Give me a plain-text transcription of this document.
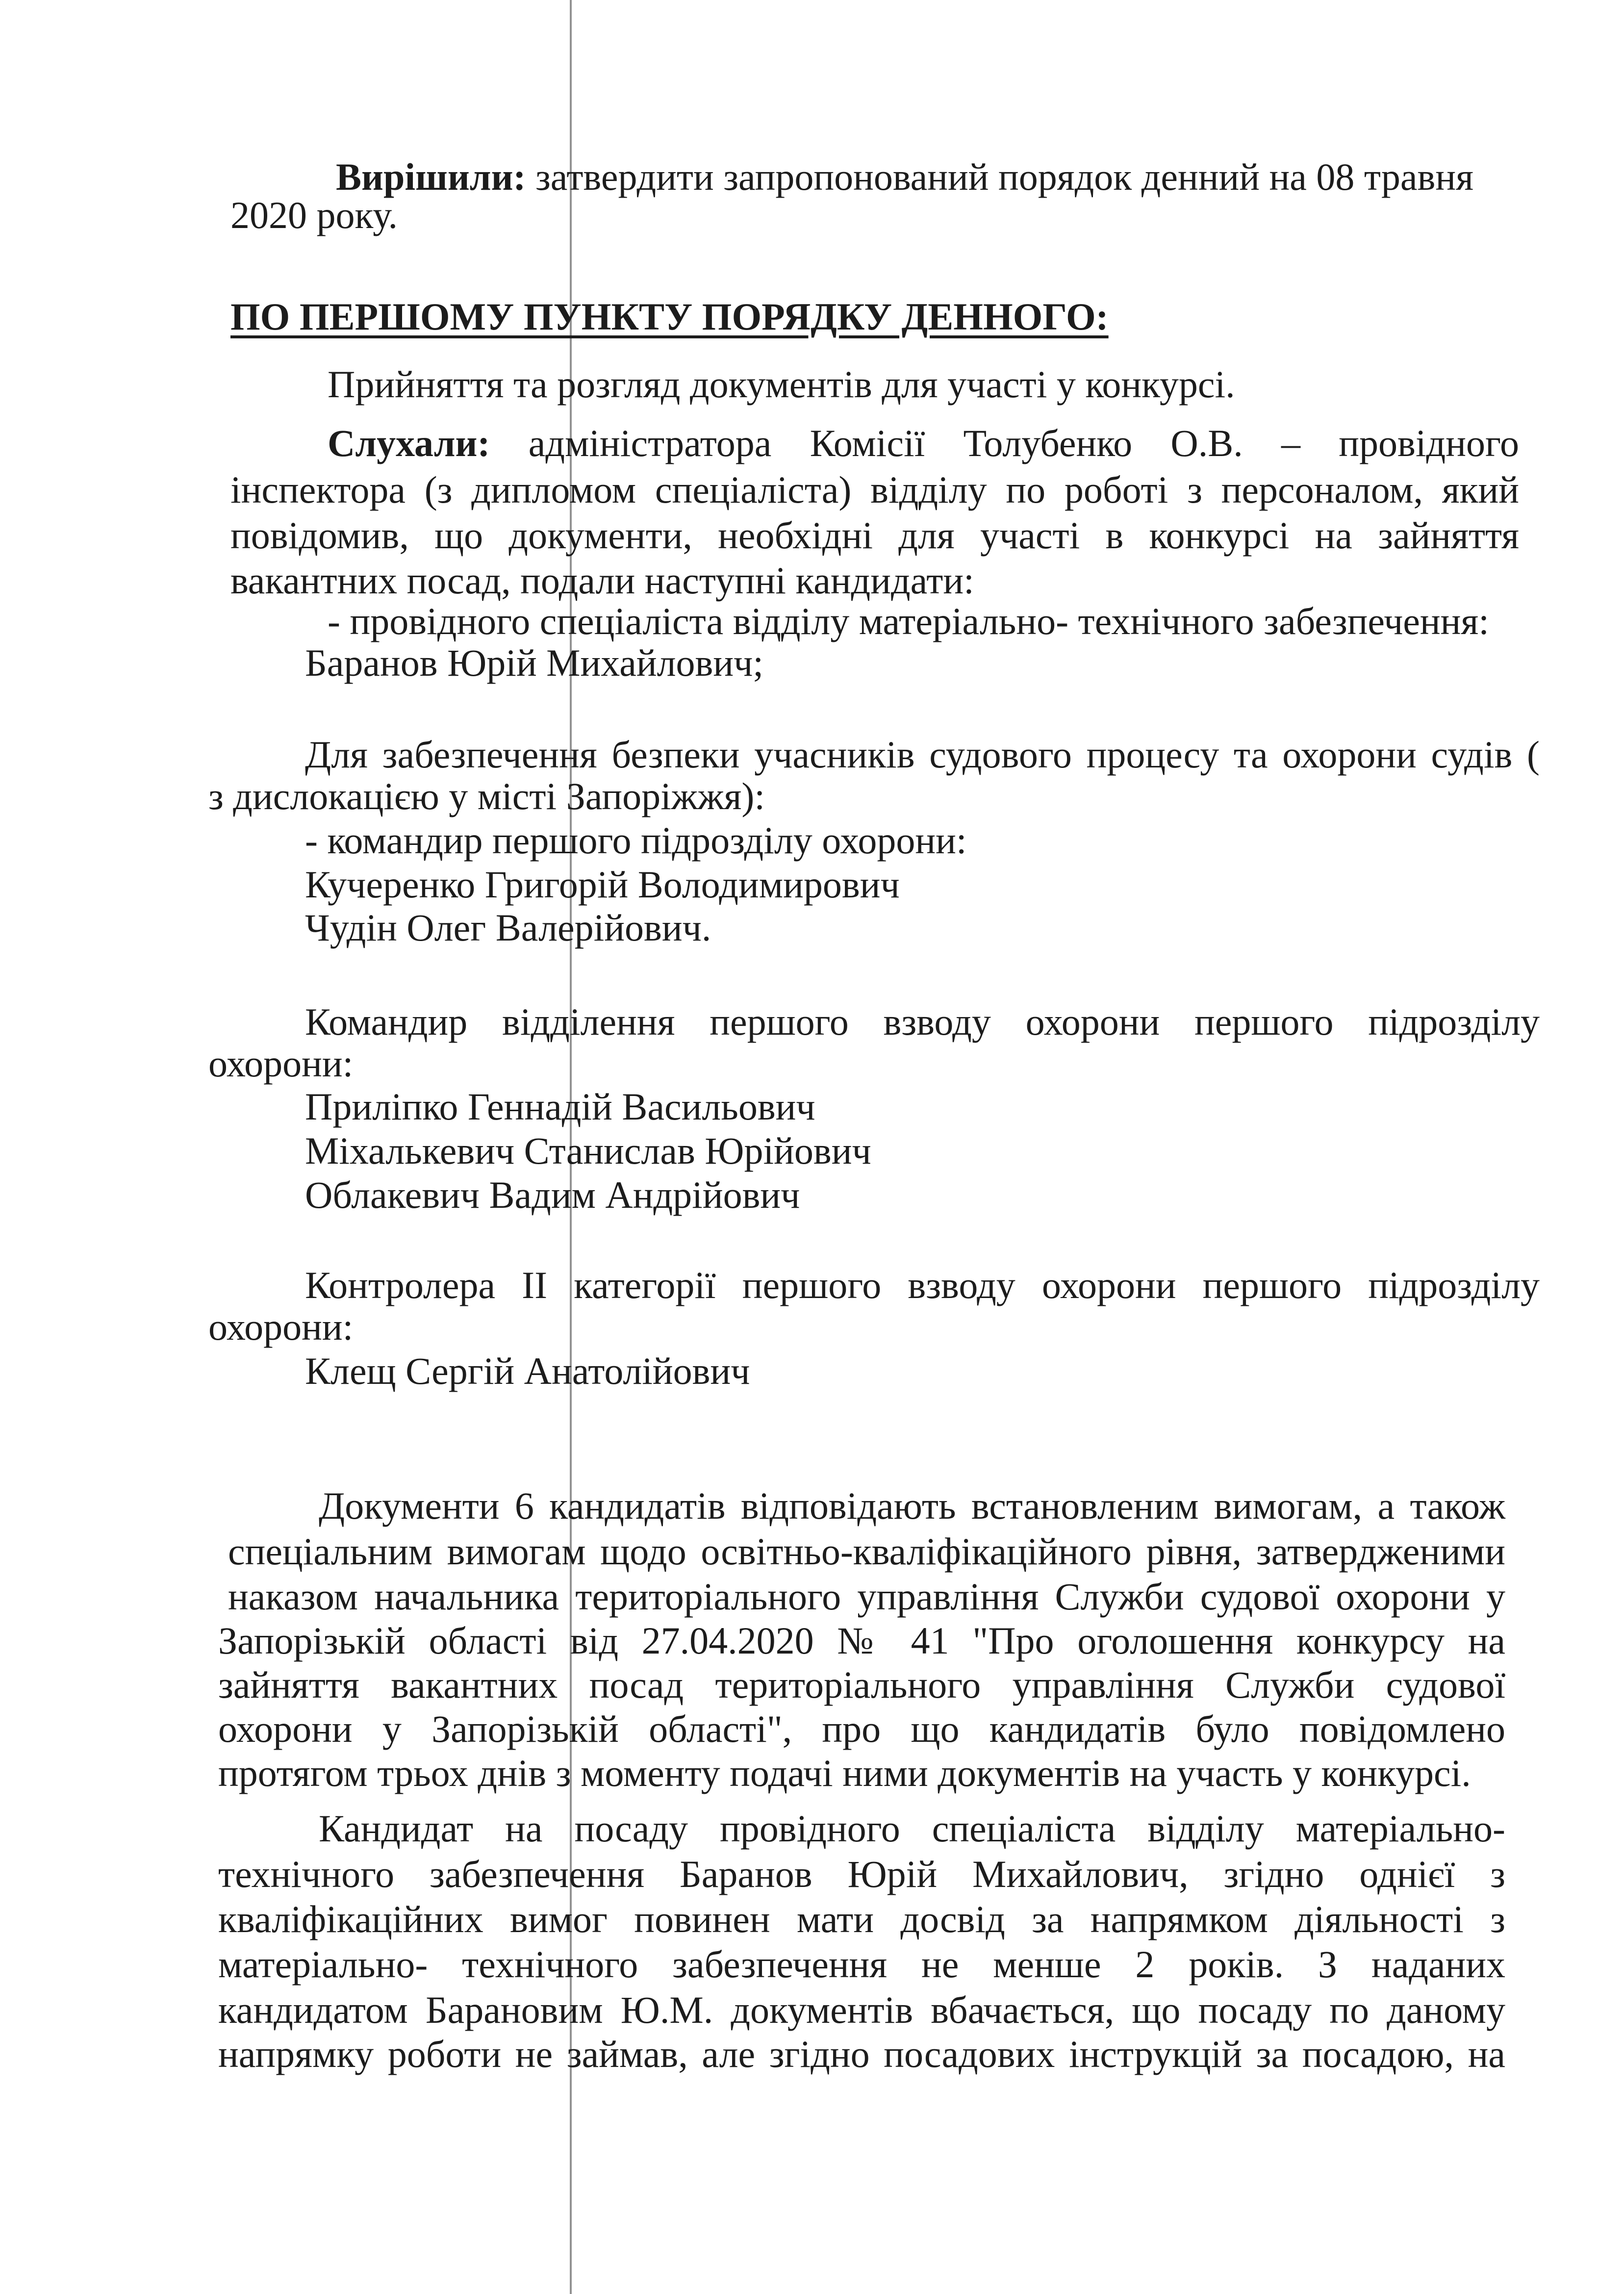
Вирішили: затвердити запропонований порядок денний на 08 травня
2020 року.
ПО ПЕРШОМУ ПУНКТУ ПОРЯДКУ ДЕННОГО:
Прийняття та розгляд документів для участі у конкурсі.
Слухали: адміністратора Комісії Толубенко О.В. – провідного
інспектора (з дипломом спеціаліста) відділу по роботі з персоналом, який
повідомив, що документи, необхідні для участі в конкурсі на зайняття
вакантних посад, подали наступні кандидати:
- провідного спеціаліста відділу матеріально- технічного забезпечення:
Баранов Юрій Михайлович;
Для забезпечення безпеки учасників судового процесу та охорони судів (
з дислокацією у місті Запоріжжя):
- командир першого підрозділу охорони:
Кучеренко Григорій Володимирович
Чудін Олег Валерійович.
Командир відділення першого взводу охорони першого підрозділу
охорони:
Приліпко Геннадій Васильович
Міхалькевич Станислав Юрійович
Облакевич Вадим Андрійович
Контролера II категорії першого взводу охорони першого підрозділу
охорони:
Клещ Сергій Анатолійович
Документи 6 кандидатів відповідають встановленим вимогам, а також
спеціальним вимогам щодо освітньо-кваліфікаційного рівня, затвердженими
наказом начальника територіального управління Служби судової охорони у
Запорізькій області від 27.04.2020 № 41 "Про оголошення конкурсу на
зайняття вакантних посад територіального управління Служби судової
охорони у Запорізькій області", про що кандидатів було повідомлено
протягом трьох днів з моменту подачі ними документів на участь у конкурсі.
Кандидат на посаду провідного спеціаліста відділу матеріально-
технічного забезпечення Баранов Юрій Михайлович, згідно однієї з
кваліфікаційних вимог повинен мати досвід за напрямком діяльності з
матеріально- технічного забезпечення не менше 2 років. З наданих
кандидатом Барановим Ю.М. документів вбачається, що посаду по даному
напрямку роботи не займав, але згідно посадових інструкцій за посадою, на
